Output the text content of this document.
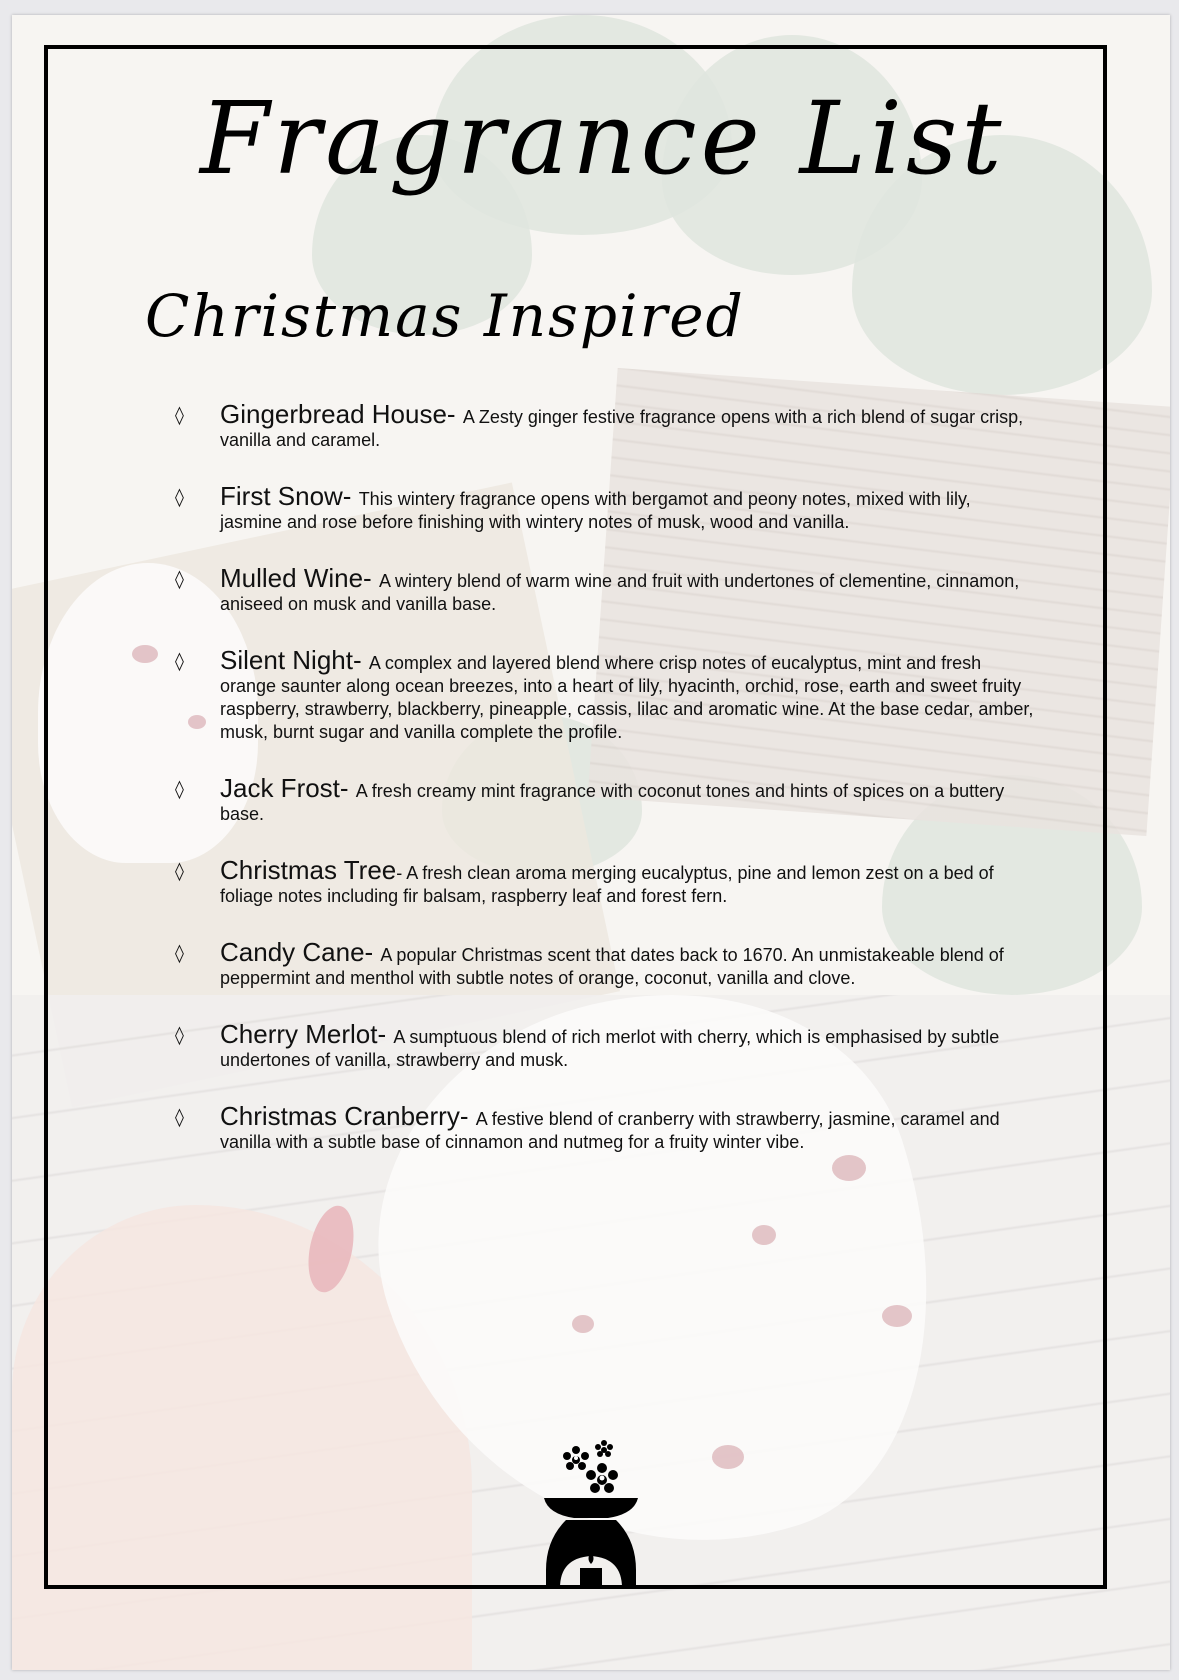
Fragrance List
Christmas Inspired
◊ Gingerbread House- A Zesty ginger festive fragrance opens with a rich blend of sugar crisp, vanilla and caramel.
◊ First Snow- This wintery fragrance opens with bergamot and peony notes, mixed with lily, jasmine and rose before finishing with wintery notes of musk, wood and vanilla.
◊ Mulled Wine- A wintery blend of warm wine and fruit with undertones of clementine, cinnamon, aniseed on musk and vanilla base.
◊ Silent Night- A complex and layered blend where crisp notes of eucalyptus, mint and fresh orange saunter along ocean breezes, into a heart of lily, hyacinth, orchid, rose, earth and sweet fruity raspberry, strawberry, blackberry, pineapple, cassis, lilac and aromatic wine. At the base cedar, amber, musk, burnt sugar and vanilla complete the profile.
◊ Jack Frost- A fresh creamy mint fragrance with coconut tones and hints of spices on a buttery base.
◊ Christmas Tree- A fresh clean aroma merging eucalyptus, pine and lemon zest on a bed of foliage notes including fir balsam, raspberry leaf and forest fern.
◊ Candy Cane- A popular Christmas scent that dates back to 1670. An unmistakeable blend of peppermint and menthol with subtle notes of orange, coconut, vanilla and clove.
◊ Cherry Merlot- A sumptuous blend of rich merlot with cherry, which is emphasised by subtle undertones of vanilla, strawberry and musk.
◊ Christmas Cranberry- A festive blend of cranberry with strawberry, jasmine, caramel and vanilla with a subtle base of cinnamon and nutmeg for a fruity winter vibe.
